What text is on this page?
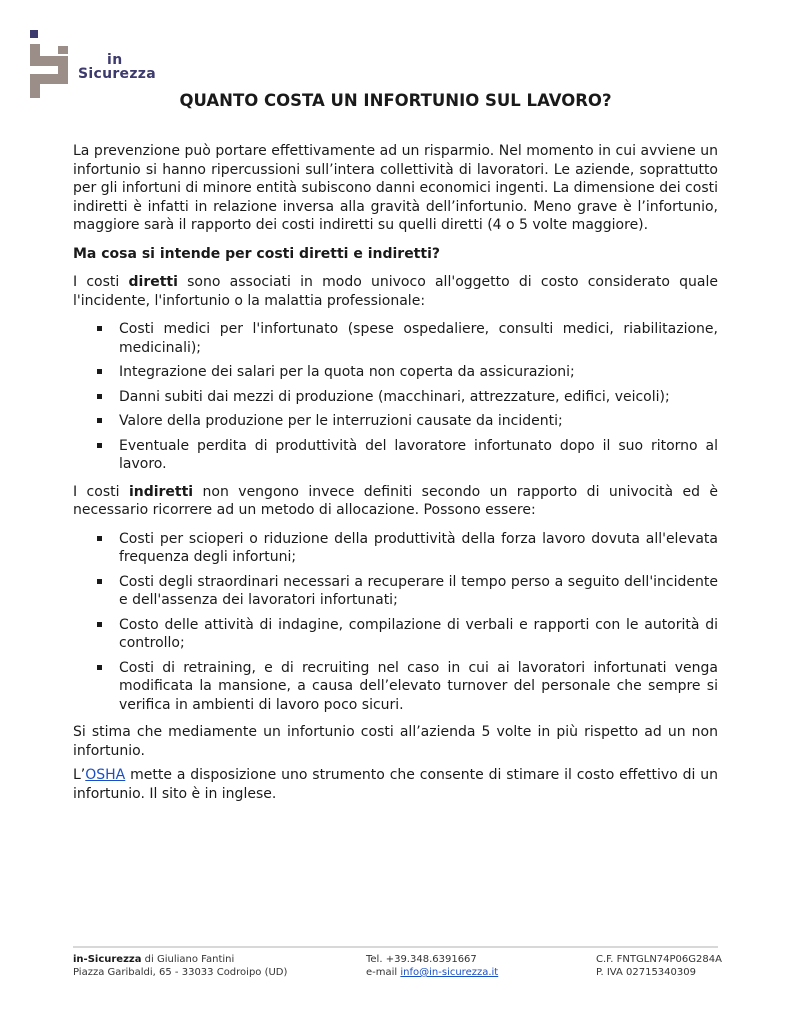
in
Sicurezza
QUANTO COSTA UN INFORTUNIO SUL LAVORO?

La prevenzione può portare effettivamente ad un risparmio. Nel momento in cui avviene un infortunio si hanno ripercussioni sull’intera collettività di lavoratori. Le aziende, soprattutto per gli infortuni di minore entità subiscono danni economici ingenti. La dimensione dei costi indiretti è infatti in relazione inversa alla gravità dell’infortunio. Meno grave è l’infortunio, maggiore sarà il rapporto dei costi indiretti su quelli diretti (4 o 5 volte maggiore).

Ma cosa si intende per costi diretti e indiretti?

I costi diretti sono associati in modo univoco all'oggetto di costo considerato quale l'incidente, l'infortunio o la malattia professionale:

Costi medici per l'infortunato (spese ospedaliere, consulti medici, riabilitazione, medicinali);
Integrazione dei salari per la quota non coperta da assicurazioni;
Danni subiti dai mezzi di produzione (macchinari, attrezzature, edifici, veicoli);
Valore della produzione per le interruzioni causate da incidenti;
Eventuale perdita di produttività del lavoratore infortunato dopo il suo ritorno al lavoro.

I costi indiretti non vengono invece definiti secondo un rapporto di univocità ed è necessario ricorrere ad un metodo di allocazione. Possono essere:

Costi per scioperi o riduzione della produttività della forza lavoro dovuta all'elevata frequenza degli infortuni;
Costi degli straordinari necessari a recuperare il tempo perso a seguito dell'incidente e dell'assenza dei lavoratori infortunati;
Costo delle attività di indagine, compilazione di verbali e rapporti con le autorità di controllo;
Costi di retraining, e di recruiting nel caso in cui ai lavoratori infortunati venga modificata la mansione, a causa dell’elevato turnover del personale che sempre si verifica in ambienti di lavoro poco sicuri.

Si stima che mediamente un infortunio costi all’azienda 5 volte in più rispetto ad un non infortunio.

L’OSHA mette a disposizione uno strumento che consente di stimare il costo effettivo di un infortunio. Il sito è in inglese.

in-Sicurezza di Giuliano Fantini
Piazza Garibaldi, 65 - 33033 Codroipo (UD)
Tel. +39.348.6391667
e-mail info@in-sicurezza.it
C.F. FNTGLN74P06G284A
P. IVA 02715340309
